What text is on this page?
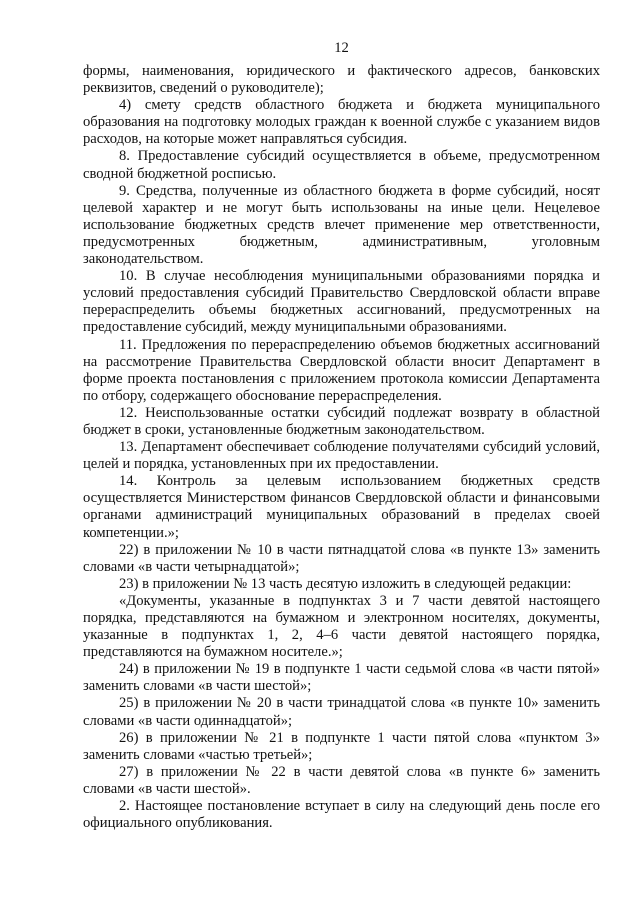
12

формы, наименования, юридического и фактического адресов, банковских реквизитов, сведений о руководителе);

4) смету средств областного бюджета и бюджета муниципального образования на подготовку молодых граждан к военной службе с указанием видов расходов, на которые может направляться субсидия.

8. Предоставление субсидий осуществляется в объеме, предусмотренном сводной бюджетной росписью.

9. Средства, полученные из областного бюджета в форме субсидий, носят целевой характер и не могут быть использованы на иные цели. Нецелевое использование бюджетных средств влечет применение мер ответственности, предусмотренных бюджетным, административным, уголовным законодательством.

10. В случае несоблюдения муниципальными образованиями порядка и условий предоставления субсидий Правительство Свердловской области вправе перераспределить объемы бюджетных ассигнований, предусмотренных на предоставление субсидий, между муниципальными образованиями.

11. Предложения по перераспределению объемов бюджетных ассигнований на рассмотрение Правительства Свердловской области вносит Департамент в форме проекта постановления с приложением протокола комиссии Департамента по отбору, содержащего обоснование перераспределения.

12. Неиспользованные остатки субсидий подлежат возврату в областной бюджет в сроки, установленные бюджетным законодательством.

13. Департамент обеспечивает соблюдение получателями субсидий условий, целей и порядка, установленных при их предоставлении.

14. Контроль за целевым использованием бюджетных средств осуществляется Министерством финансов Свердловской области и финансовыми органами администраций муниципальных образований в пределах своей компетенции.»;

22) в приложении № 10 в части пятнадцатой слова «в пункте 13» заменить словами «в части четырнадцатой»;

23) в приложении № 13 часть десятую изложить в следующей редакции:

«Документы, указанные в подпунктах 3 и 7 части девятой настоящего порядка, представляются на бумажном и электронном носителях, документы, указанные в подпунктах 1, 2, 4–6 части девятой настоящего порядка, представляются на бумажном носителе.»;

24) в приложении № 19 в подпункте 1 части седьмой слова «в части пятой» заменить словами «в части шестой»;

25) в приложении № 20 в части тринадцатой слова «в пункте 10» заменить словами «в части одиннадцатой»;

26) в приложении № 21 в подпункте 1 части пятой слова «пунктом 3» заменить словами «частью третьей»;

27) в приложении № 22 в части девятой слова «в пункте 6» заменить словами «в части шестой».

2. Настоящее постановление вступает в силу на следующий день после его официального опубликования.
